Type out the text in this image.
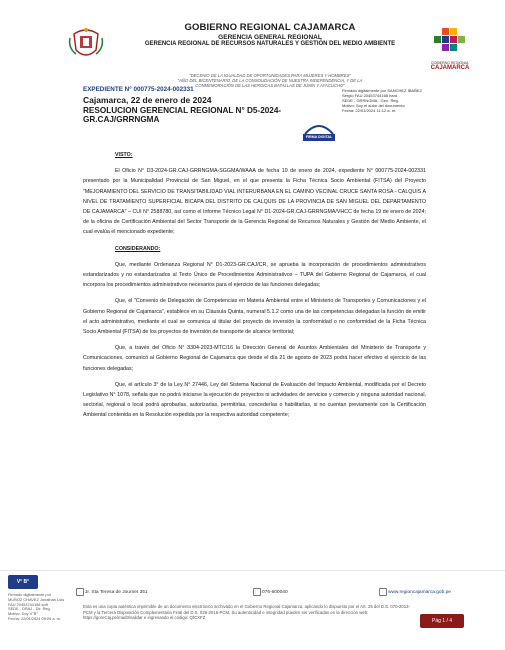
GOBIERNO REGIONAL CAJAMARCA
GERENCIA GENERAL REGIONAL
GERENCIA REGIONAL DE RECURSOS NATURALES Y GESTIÓN DEL MEDIO AMBIENTE
GOBIERNO REGIONAL
CAJAMARCA
"DECENIO DE LA IGUALDAD DE OPORTUNIDADES PARA MUJERES Y HOMBRES"
"AÑO DEL BICENTENARIO, DE LA CONSOLIDACIÓN DE NUESTRA INDEPENDENCIA, Y DE LA
CONMEMORACIÓN DE LAS HEROICAS BATALLAS DE JUNÍN Y AYACUCHO"
EXPEDIENTE N° 000775-2024-002331
Cajamarca, 22 de enero de 2024
RESOLUCION GERENCIAL REGIONAL N° D5-2024-
GR.CAJ/GRRNGMA
FIRMA DIGITAL
Firmado digitalmente por SANCHEZ IBAÑEZ
Sergio FAU 20453744168 hard
SEDE - GRRNGMA - Gen. Reg.
Motivo: Soy el autor del documento
Fecha: 22/01/2024 11:12 a. m.
VISTO:

El Oficio N° D3-2024-GR.CAJ-GRRNGMA-SGGMA/WAAA de fecha 19 de enero de 2024, expediente N° 000775-2024-002331 presentado por la Municipalidad Provincial de San Miguel, en el que presenta la Ficha Técnica Socio Ambiental (FITSA) del Proyecto "MEJORAMIENTO DEL SERVICIO DE TRANSITABILIDAD VIAL INTERURBANA EN EL CAMINO VECINAL CRUCE SANTA ROSA - CALQUIS A NIVEL DE TRATAMIENTO SUPERFICIAL BICAPA DEL DISTRITO DE CALQUIS DE LA PROVINCIA DE SAN MIGUEL DEL DEPARTAMENTO DE CAJAMARCA" – CUI N° 2588780, así como el Informe Técnico Legal N° D1-2024-GR.CAJ-GRRNGMA/VHCC de fecha 19 de enero de 2024; de la oficina de Certificación Ambiental del Sector Transporte de la Gerencia Regional de Recursos Naturales y Gestión del Medio Ambiente, el cual evalúa el mencionado expediente;

CONSIDERANDO:

Que, mediante Ordenanza Regional N° D1-2023-GR.CAJ/CR, se aprueba la incorporación de procedimientos administrativos estandarizados y no estandarizados al Texto Único de Procedimientos Administrativos – TUPA del Gobierno Regional de Cajamarca, el cual incorpora los procedimientos administrativos necesarios para el ejercicio de las funciones delegadas;

Que, el "Convenio de Delegación de Competencias en Materia Ambiental entre el Ministerio de Transportes y Comunicaciones y el Gobierno Regional de Cajamarca", establece en su Cláusula Quinta, numeral 5.1.2 como una de las competencias delegadas la función de emitir el acto administrativo, mediante el cual se comunica al titular del proyecto de inversión la conformidad o no conformidad de la Ficha Técnica Socio Ambiental (FITSA) de los proyectos de inversión de transporte de alcance territorial;

Que, a través del Oficio N° 3304-2023-MTC/16 la Dirección General de Asuntos Ambientales del Ministerio de Transporte y Comunicaciones, comunicó al Gobierno Regional de Cajamarca que desde el día 21 de agosto de 2023 podrá hacer efectivo el ejercicio de las funciones delegadas;

Que, el artículo 3° de la Ley N° 27446, Ley del Sistema Nacional de Evaluación del Impacto Ambiental, modificada por el Decreto Legislativo N° 1078, señala que no podrá iniciarse la ejecución de proyectos ni actividades de servicios y comercio y ninguna autoridad nacional, sectorial, regional o local podrá aprobarlas, autorizarlas, permitirlas, concederlas o habilitarlas, si no cuentan previamente con la Certificación Ambiental contenida en la Resolución expedida por la respectiva autoridad competente;

V° B°
Firmado digitalmente por
MUÑOZ CHAVEZ Jonathan Luis
FAU 20453744168 soft
SEDE - DRAJ - Dir. Reg.
Motivo: Doy V°B°
Fecha: 22/01/2024 09:26 a. m.
Jr. Sta Teresa de Journet 351	076-600040	www.regioncajamarca.gob.pe
Esta es una copia auténtica imprimible de un documento electrónico archivado en el Gobierno Regional Cajamarca, aplicando lo dispuesto por el Art. 25 del D.S. 070-2013-PCM y la Tercera Disposición Complementaria Final del D.S. 026-2016-PCM. Su autenticidad e integridad pueden ser verificadas en la dirección web: https://goreCaj.pe/mad3/validar e ingresando el código: QfCXFZ
Pág 1 / 4
